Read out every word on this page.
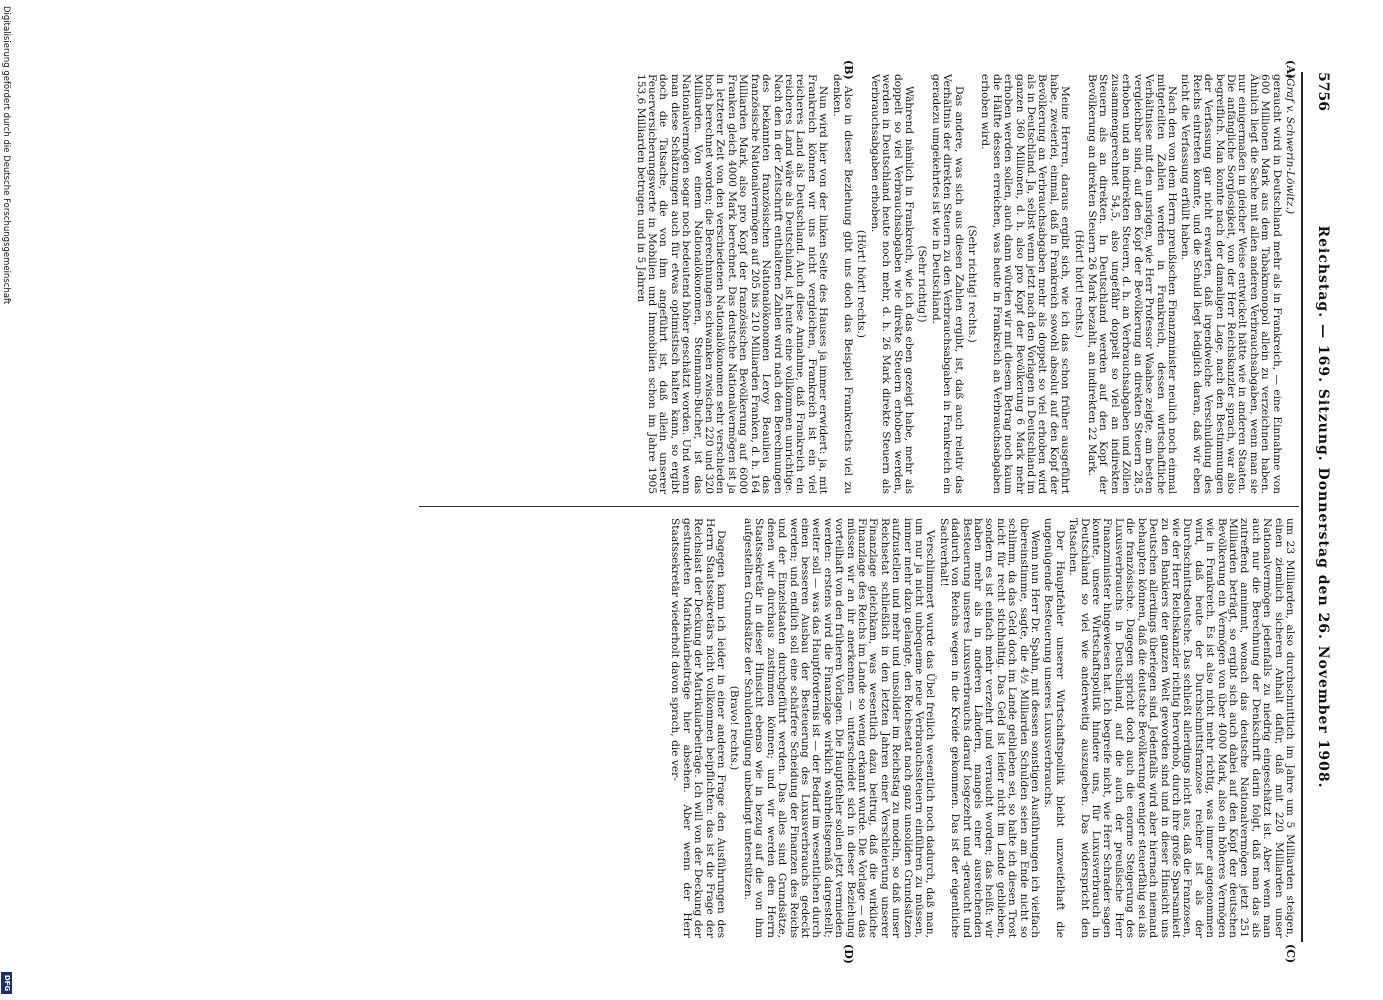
5756
Reichstag. — 169. Sitzung. Donnerstag den 26. November 1908.
(A)
(B)
(C)
(D)

(Graf v. Schwerin-Löwitz.)

geraucht wird in Deutschland mehr als in Frankreich, — eine Einnahme von 600 Millionen Mark aus dem Tabakmonopol allein zu verzeichnen haben. Ähnlich liegt die Sache mit allen anderen Verbrauchsabgaben, wenn man sie nur einigermaßen in gleicher Weise entwickelt hätte wie in anderen Staaten. Die anfängliche Sorglosigkeit, von der Herr Reichskanzler sprach, war also begreiflich. Man konnte nach der damaligen Lage, nach den Bestimmungen der Verfassung gar nicht erwarten, daß irgendwelche Verschuldung des Reichs eintreten konnte, und die Schuld liegt lediglich daran, daß wir eben nicht die Verfassung erfüllt haben.

Nach den von dem Herrn preußischen Finanzminister neulich noch einmal mitgeteilten Zahlen werden in Frankreich, dessen wirtschaftliche Verhältnisse mit den unsrigen, wie Herr Professor Waahse zeigte, am besten vergleichbar sind, auf den Kopf der Bevölkerung an direkten Steuern 28,5 erhoben und an indirekten Steuern, d. h. an Verbrauchsabgaben und Zöllen zusammengerechnet 54,5, also ungefähr doppelt so viel an indirekten Steuern als an direkten. In Deutschland werden auf den Kopf der Bevölkerung an direkten Steuern 26 Mark bezahlt, an indirekten 22 Mark.

(Hört! hört! rechts.)

Meine Herren, daraus ergibt sich, wie ich das schon früher ausgeführt habe, zweierlei, einmal, daß in Frankreich sowohl absolut auf den Kopf der Bevölkerung an Verbrauchsabgaben mehr als doppelt so viel erhoben wird als in Deutschland. Ja, selbst wenn jetzt nach den Vorlagen in Deutschland im ganzen 360 Millionen, d. h. also pro Kopf der Bevölkerung 6 Mark mehr erhoben werden sollen, auch dann würden wir mit diesem Betrag noch kaum die Hälfte dessen erreichen, was heute in Frankreich an Verbrauchsabgaben erhoben wird.

(Sehr richtig! rechts.)

Das andere, was sich aus diesen Zahlen ergibt, ist, daß auch relativ das Verhältnis der direkten Steuern zu den Verbrauchsabgaben in Frankreich ein geradezu umgekehrtes ist wie in Deutschland.

(Sehr richtig!)

Während nämlich in Frankreich, wie ich das eben gezeigt habe, mehr als doppelt so viel Verbrauchsabgaben wie direkte Steuern erhoben werden, werden in Deutschland heute noch mehr, d. h. 26 Mark direkte Steuern als Verbrauchsabgaben erhoben.

(Hört! hört! rechts.)

Also in dieser Beziehung gibt uns doch das Beispiel Frankreichs viel zu denken.

Nun wird hier von der linken Seite des Hauses ja immer erwidert: ja, mit Frankreich können wir uns nicht vergleichen, Frankreich ist ein viel reicheres Land als Deutschland. Auch diese Annahme, daß Frankreich ein reicheres Land wäre als Deutschland, ist heute eine vollkommen unrichtige. Nach den in der Zeitschrift enthaltenen Zahlen wird nach den Berechnungen des bekannten französischen Nationalökonomen Leroy Beaulieu das französische Nationalvermögen auf 205 bis 210 Milliarden Franken, d. h. 164 Milliarden Mark, also pro Kopf der französischen Bevölkerung auf 6000 Franken gleich 4000 Mark berechnet. Das deutsche Nationalvermögen ist ja in letzterer Zeit von den verschiedenen Nationalökonomen sehr verschieden hoch berechnet worden; die Berechnungen schwanken zwischen 220 und 320 Milliarden. Von einem Nationalökonomen, Steinmann-Bucher, ist das Nationalvermögen sogar noch bedeutend höher geschätzt worden. Und wenn man diese Schätzungen auch für etwas optimistisch halten kann, so ergibt doch die Tatsache, die von ihm angeführt ist, daß allein unserer Feuerversicherungswerte in Mobilien und Immobilien schon im Jahre 1905 153,6 Milliarden betrugen und in 5 Jahren

um 23 Milliarden, also durchschnittlich im Jahre um 5 Milliarden steigen, einen ziemlich sicheren Anhalt dafür, daß mit 220 Milliarden unser Nationalvermögen jedenfalls zu niedrig eingeschätzt ist. Aber wenn man auch nur die Berechnung der Denkschrift darin folgt, daß man das als zutreffend annimmt, wonach das deutsche Nationalvermögen jetzt 251 Milliarden beträgt, so ergibt sich auch dabei auf den Kopf der deutschen Bevölkerung ein Vermögen von über 4000 Mark, also ein höheres Vermögen wie in Frankreich. Es ist also nicht mehr richtig, was immer angenommen wird, daß heute der Durchschnittsfranzose reicher ist als der Durchschnittsdeutsche. Das schließt allerdings nicht aus, daß die Franzosen, wie der Herr Reichskanzler richtig hervorhob, durch ihre große Sparsamkeit zu den Bankiers der ganzen Welt geworden sind und in dieser Hinsicht uns Deutschen allerdings überlegen sind. Jedenfalls wird aber hiernach niemand behaupten können, daß die deutsche Bevölkerung weniger steuerfähig sei als die französische. Dagegen spricht doch auch die enorme Steigerung des Luxusverbrauchs in Deutschland, auf die auch der preußische Herr Finanzminister hingewiesen hat. Ich begreife nicht, wie Herr Schrader sagen konnte, unsere Wirtschaftspolitik hindere uns, für Luxusverbrauch in Deutschland so viel wie anderweitig auszugeben. Das widerspricht den Tatsachen.

Der Hauptfehler unserer Wirtschaftspolitik bleibt unzweifelhaft die ungenügende Besteuerung unseres Luxusverbrauchs.

Wenn nun Herr Dr. Spahn, mit dessen sonstigen Ausführungen ich vielfach übereinstimme, sagte, die 4½ Milliarden Schulden seien am Ende nicht so schlimm, da das Geld doch im Lande geblieben sei, so halte ich diesen Trost nicht für recht stichhaltig. Das Geld ist leider nicht im Lande geblieben, sondern es ist einfach mehr verzehrt und verraucht worden; das heißt: wir haben mehr als in anderen Ländern, mangels einer ausreichenden Besteuerung unseres Luxusverbrauchs darauf losgezehrt und -geraucht und dadurch von Reichs wegen in die Kreide gekommen. Das ist der eigentliche Sachverhalt!

Verschlimmert wurde das Übel freilich wesentlich noch dadurch, daß man, um nur ja nicht unbequeme neue Verbrauchssteuern einführen zu müssen, immer mehr dazu gelangte, den Reichsetat nach ganz unsoliden Grundsätzen aufzustellen und mehr und unsolider im Reichstag zu modeln, so daß unser Reichsetat schließlich in den letzten Jahren einer Verschleierung unserer Finanzlage gleichkam, was wesentlich dazu beitrug, daß die wirkliche Finanzlage des Reichs im Lande so wenig erkannt wurde. Die Vorlage — das müssen wir an ihr anerkennen — unterscheidet sich in dieser Beziehung vorteilhaft von den früheren Vorlagen. Die Hauptfehler sollen jetzt vermieden werden: erstens wird die Finanzlage wirklich wahrheitsgemäß dargestellt; weiter soll — was das Hauptfordernis ist — der Bedarf im wesentlichen durch einen besseren Ausbau der Besteuerung des Luxusverbrauchs gedeckt werden; und endlich soll eine schärfere Scheidung der Finanzen des Reichs und der Einzelstaaten durchgeführt werden. Das alles sind Grundsätze, denen wir durchaus zustimmen können; und wir werden den Herrn Staatssekretär in dieser Hinsicht ebenso wie in bezug auf die von ihm aufgestellten Grundsätze der Schuldentilgung unbedingt unterstützen.

(Bravo! rechts.)

Dagegen kann ich leider in einer anderen Frage den Ausführungen des Herrn Staatssekretärs nicht vollkommen beipflichten: das ist die Frage der Reichslast der Deckung der Matrikularbeiträge. Ich will von der Deckung der gestundeten Matrikularbeiträge hier absehen. Aber wenn der Herr Staatssekretär wiederholt davon sprach, die ver-

Digitalisierung gefördert durch die Deutsche Forschungsgemeinschaft
DFG
